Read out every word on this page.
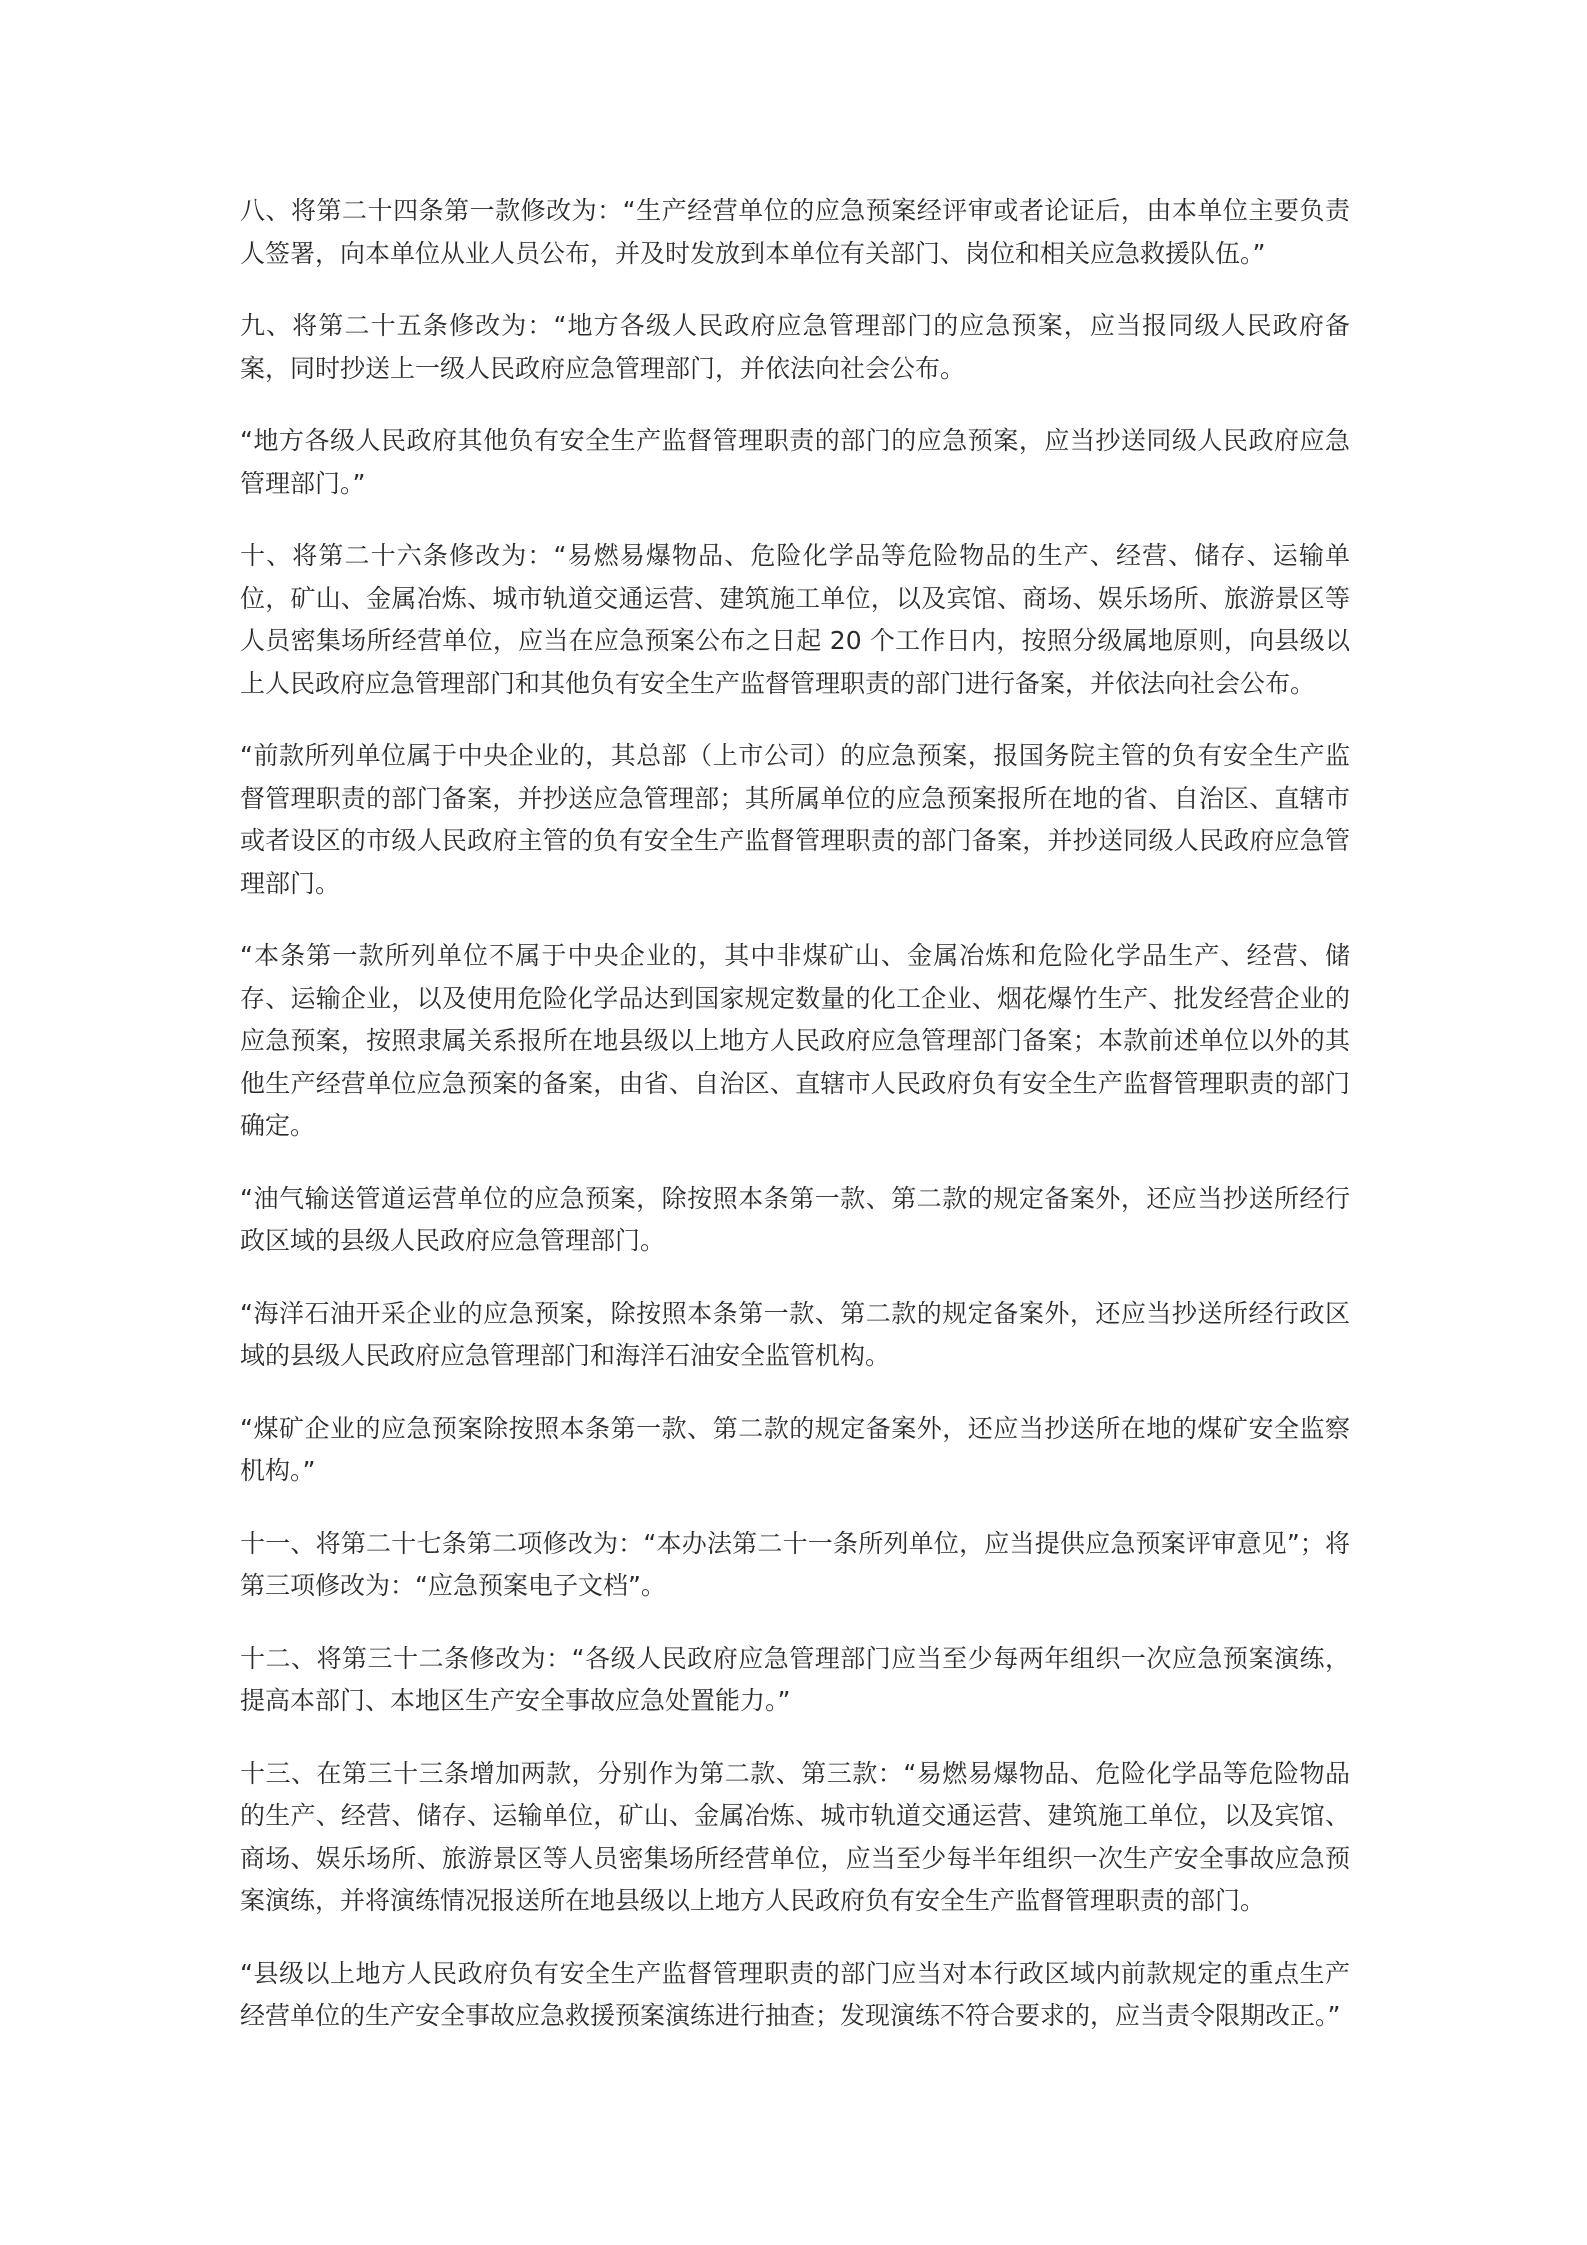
八、将第二十四条第一款修改为：“生产经营单位的应急预案经评审或者论证后，由本单位主要负责人签署，向本单位从业人员公布，并及时发放到本单位有关部门、岗位和相关应急救援队伍。”

九、将第二十五条修改为：“地方各级人民政府应急管理部门的应急预案，应当报同级人民政府备案，同时抄送上一级人民政府应急管理部门，并依法向社会公布。

“地方各级人民政府其他负有安全生产监督管理职责的部门的应急预案，应当抄送同级人民政府应急管理部门。”

十、将第二十六条修改为：“易燃易爆物品、危险化学品等危险物品的生产、经营、储存、运输单位，矿山、金属冶炼、城市轨道交通运营、建筑施工单位，以及宾馆、商场、娱乐场所、旅游景区等人员密集场所经营单位，应当在应急预案公布之日起 20 个工作日内，按照分级属地原则，向县级以上人民政府应急管理部门和其他负有安全生产监督管理职责的部门进行备案，并依法向社会公布。

“前款所列单位属于中央企业的，其总部（上市公司）的应急预案，报国务院主管的负有安全生产监督管理职责的部门备案，并抄送应急管理部；其所属单位的应急预案报所在地的省、自治区、直辖市或者设区的市级人民政府主管的负有安全生产监督管理职责的部门备案，并抄送同级人民政府应急管理部门。

“本条第一款所列单位不属于中央企业的，其中非煤矿山、金属冶炼和危险化学品生产、经营、储存、运输企业，以及使用危险化学品达到国家规定数量的化工企业、烟花爆竹生产、批发经营企业的应急预案，按照隶属关系报所在地县级以上地方人民政府应急管理部门备案；本款前述单位以外的其他生产经营单位应急预案的备案，由省、自治区、直辖市人民政府负有安全生产监督管理职责的部门确定。

“油气输送管道运营单位的应急预案，除按照本条第一款、第二款的规定备案外，还应当抄送所经行政区域的县级人民政府应急管理部门。

“海洋石油开采企业的应急预案，除按照本条第一款、第二款的规定备案外，还应当抄送所经行政区域的县级人民政府应急管理部门和海洋石油安全监管机构。

“煤矿企业的应急预案除按照本条第一款、第二款的规定备案外，还应当抄送所在地的煤矿安全监察机构。”

十一、将第二十七条第二项修改为：“本办法第二十一条所列单位，应当提供应急预案评审意见”；将第三项修改为：“应急预案电子文档”。

十二、将第三十二条修改为：“各级人民政府应急管理部门应当至少每两年组织一次应急预案演练，提高本部门、本地区生产安全事故应急处置能力。”

十三、在第三十三条增加两款，分别作为第二款、第三款：“易燃易爆物品、危险化学品等危险物品的生产、经营、储存、运输单位，矿山、金属冶炼、城市轨道交通运营、建筑施工单位，以及宾馆、商场、娱乐场所、旅游景区等人员密集场所经营单位，应当至少每半年组织一次生产安全事故应急预案演练，并将演练情况报送所在地县级以上地方人民政府负有安全生产监督管理职责的部门。

“县级以上地方人民政府负有安全生产监督管理职责的部门应当对本行政区域内前款规定的重点生产经营单位的生产安全事故应急救援预案演练进行抽查；发现演练不符合要求的，应当责令限期改正。”
